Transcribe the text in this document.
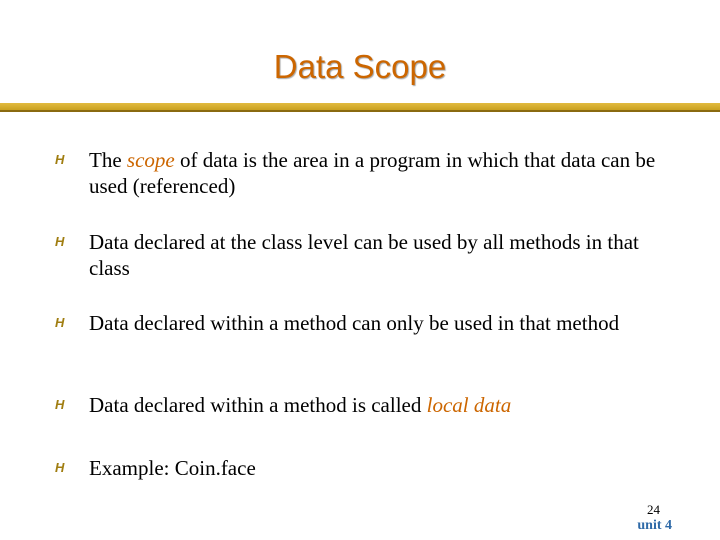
Data Scope
H The scope of data is the area in a program in which that data can be used (referenced)
H Data declared at the class level can be used by all methods in that class
H Data declared within a method can only be used in that method
H Data declared within a method is called local data
H Example: Coin.face
24
unit 4
